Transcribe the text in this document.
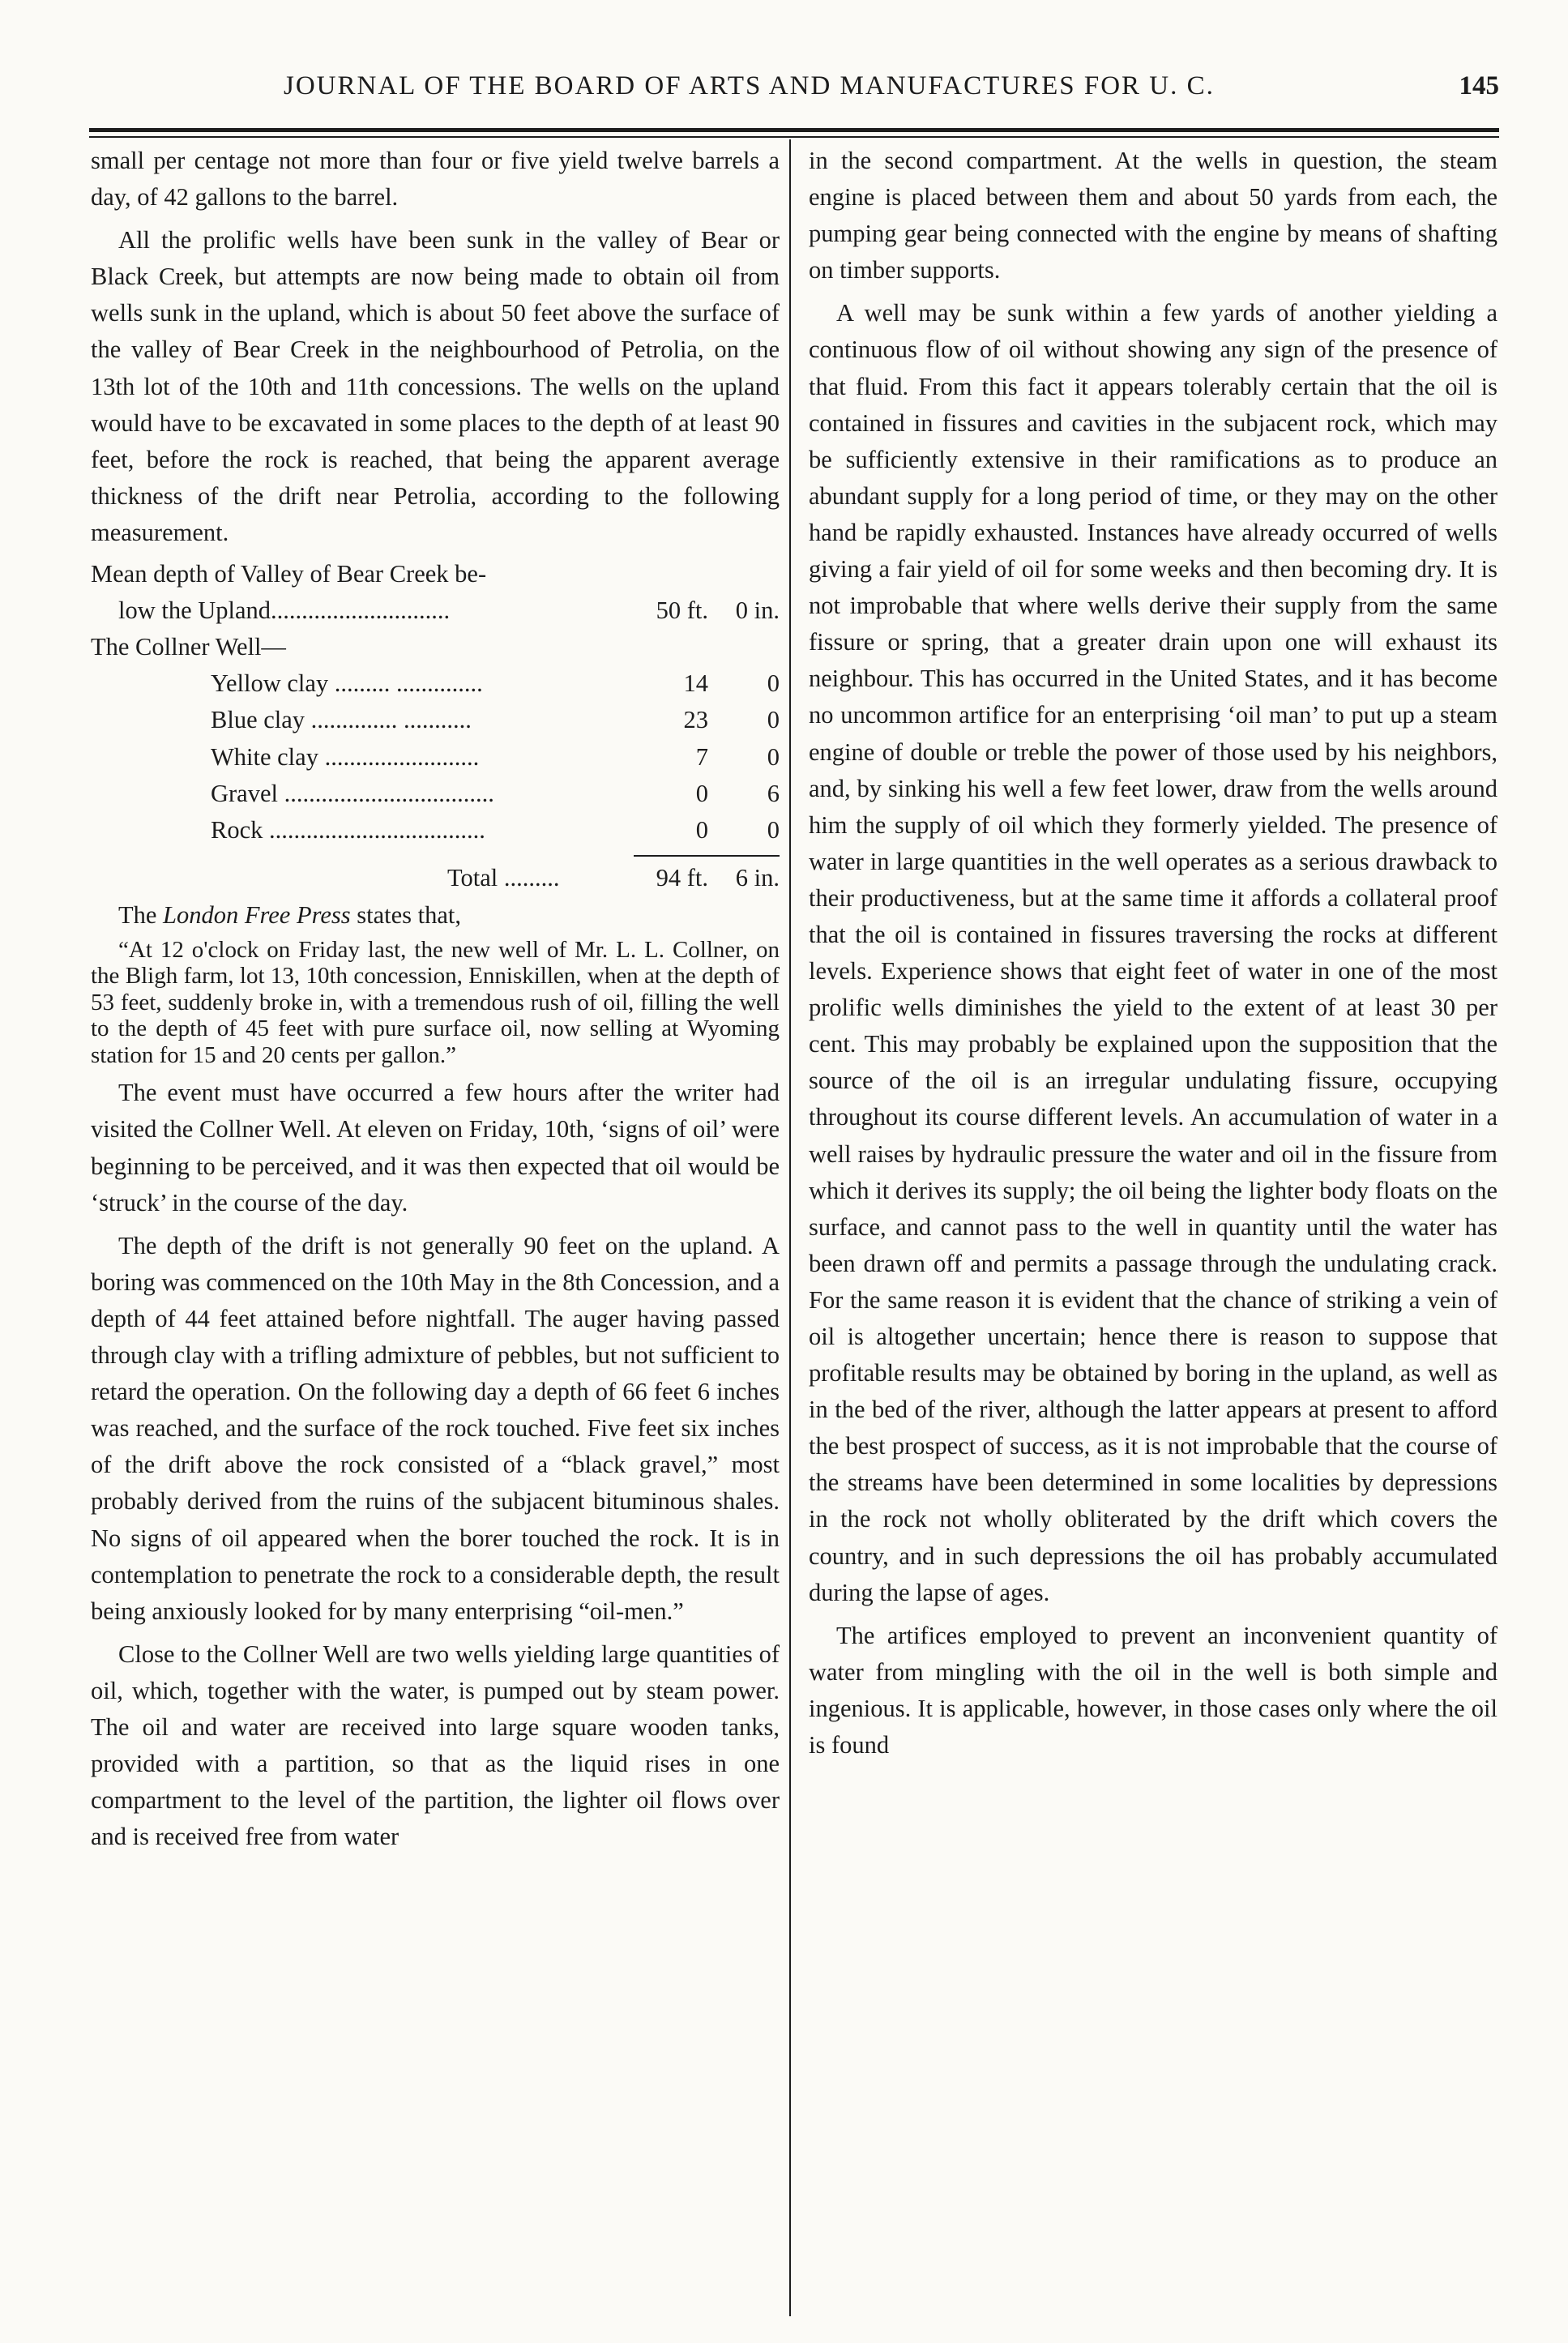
JOURNAL OF THE BOARD OF ARTS AND MANUFACTURES FOR U. C.	145

small per centage not more than four or five yield twelve barrels a day, of 42 gallons to the barrel.

All the prolific wells have been sunk in the valley of Bear or Black Creek, but attempts are now being made to obtain oil from wells sunk in the upland, which is about 50 feet above the surface of the valley of Bear Creek in the neighbourhood of Petrolia, on the 13th lot of the 10th and 11th concessions. The wells on the upland would have to be excavated in some places to the depth of at least 90 feet, before the rock is reached, that being the apparent average thickness of the drift near Petrolia, according to the following measurement.

Mean depth of Valley of Bear Creek be-
low the Upland.............................	50 ft.	0 in.
The Collner Well—
Yellow clay ......... ..............	14	0
Blue clay .............. ...........	23	0
White clay .........................	7	0
Gravel ..................................	0	6
Rock ...................................	0	0
Total .........	94 ft.	6 in.

The London Free Press states that,

“At 12 o'clock on Friday last, the new well of Mr. L. L. Collner, on the Bligh farm, lot 13, 10th concession, Enniskillen, when at the depth of 53 feet, suddenly broke in, with a tremendous rush of oil, filling the well to the depth of 45 feet with pure surface oil, now selling at Wyoming station for 15 and 20 cents per gallon.”

The event must have occurred a few hours after the writer had visited the Collner Well. At eleven on Friday, 10th, ‘signs of oil’ were beginning to be perceived, and it was then expected that oil would be ‘struck’ in the course of the day.

The depth of the drift is not generally 90 feet on the upland. A boring was commenced on the 10th May in the 8th Concession, and a depth of 44 feet attained before nightfall. The auger having passed through clay with a trifling admixture of pebbles, but not sufficient to retard the operation. On the following day a depth of 66 feet 6 inches was reached, and the surface of the rock touched. Five feet six inches of the drift above the rock consisted of a “black gravel,” most probably derived from the ruins of the subjacent bituminous shales. No signs of oil appeared when the borer touched the rock. It is in contemplation to penetrate the rock to a considerable depth, the result being anxiously looked for by many enterprising “oil-men.”

Close to the Collner Well are two wells yielding large quantities of oil, which, together with the water, is pumped out by steam power. The oil and water are received into large square wooden tanks, provided with a partition, so that as the liquid rises in one compartment to the level of the partition, the lighter oil flows over and is received free from water

in the second compartment. At the wells in question, the steam engine is placed between them and about 50 yards from each, the pumping gear being connected with the engine by means of shafting on timber supports.

A well may be sunk within a few yards of another yielding a continuous flow of oil without showing any sign of the presence of that fluid. From this fact it appears tolerably certain that the oil is contained in fissures and cavities in the subjacent rock, which may be sufficiently extensive in their ramifications as to produce an abundant supply for a long period of time, or they may on the other hand be rapidly exhausted. Instances have already occurred of wells giving a fair yield of oil for some weeks and then becoming dry. It is not improbable that where wells derive their supply from the same fissure or spring, that a greater drain upon one will exhaust its neighbour. This has occurred in the United States, and it has become no uncommon artifice for an enterprising ‘oil man’ to put up a steam engine of double or treble the power of those used by his neighbors, and, by sinking his well a few feet lower, draw from the wells around him the supply of oil which they formerly yielded. The presence of water in large quantities in the well operates as a serious drawback to their productiveness, but at the same time it affords a collateral proof that the oil is contained in fissures traversing the rocks at different levels. Experience shows that eight feet of water in one of the most prolific wells diminishes the yield to the extent of at least 30 per cent. This may probably be explained upon the supposition that the source of the oil is an irregular undulating fissure, occupying throughout its course different levels. An accumulation of water in a well raises by hydraulic pressure the water and oil in the fissure from which it derives its supply; the oil being the lighter body floats on the surface, and cannot pass to the well in quantity until the water has been drawn off and permits a passage through the undulating crack. For the same reason it is evident that the chance of striking a vein of oil is altogether uncertain; hence there is reason to suppose that profitable results may be obtained by boring in the upland, as well as in the bed of the river, although the latter appears at present to afford the best prospect of success, as it is not improbable that the course of the streams have been determined in some localities by depressions in the rock not wholly obliterated by the drift which covers the country, and in such depressions the oil has probably accumulated during the lapse of ages.

The artifices employed to prevent an inconvenient quantity of water from mingling with the oil in the well is both simple and ingenious. It is applicable, however, in those cases only where the oil is found
